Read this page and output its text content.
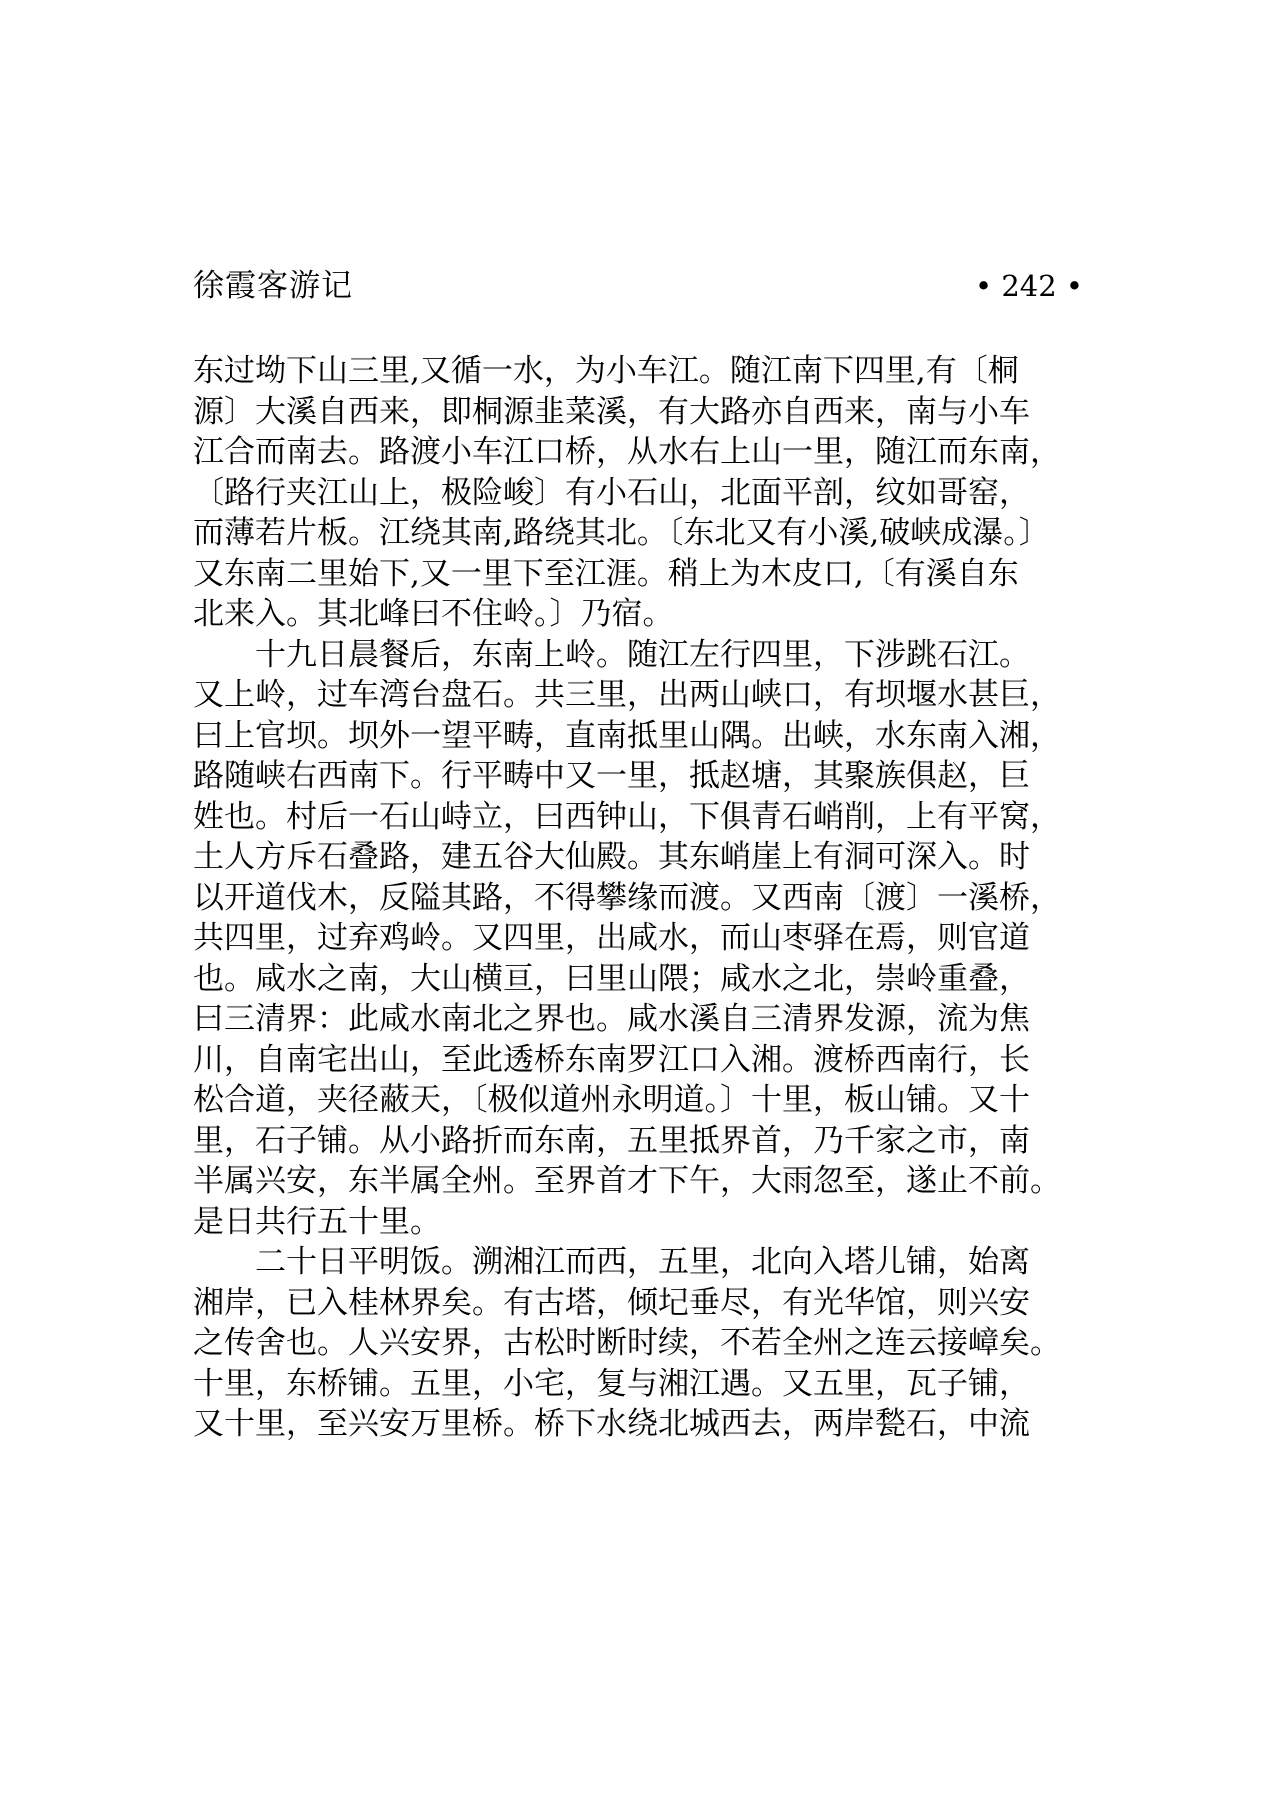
徐霞客游记	• 242 •
东过坳下山三里,又循一水，为小车江。随江南下四里,有〔桐
源〕大溪自西来，即桐源韭菜溪，有大路亦自西来，南与小车
江合而南去。路渡小车江口桥，从水右上山一里，随江而东南，
〔路行夹江山上，极险峻〕有小石山，北面平剖，纹如哥窑，
而薄若片板。江绕其南,路绕其北。〔东北又有小溪,破峡成瀑。〕
又东南二里始下,又一里下至江涯。稍上为木皮口,〔有溪自东
北来入。其北峰曰不住岭。〕乃宿。
　　十九日晨餐后，东南上岭。随江左行四里，下涉跳石江。
又上岭，过车湾台盘石。共三里，出两山峡口，有坝堰水甚巨，
曰上官坝。坝外一望平畴，直南抵里山隅。出峡，水东南入湘，
路随峡右西南下。行平畴中又一里，抵赵塘，其聚族俱赵，巨
姓也。村后一石山峙立，曰西钟山，下俱青石峭削，上有平窝，
土人方斥石叠路，建五谷大仙殿。其东峭崖上有洞可深入。时
以开道伐木，反隘其路，不得攀缘而渡。又西南〔渡〕一溪桥，
共四里，过弃鸡岭。又四里，出咸水，而山枣驿在焉，则官道
也。咸水之南，大山横亘，曰里山隈；咸水之北，崇岭重叠，
曰三清界：此咸水南北之界也。咸水溪自三清界发源，流为焦
川，自南宅出山，至此透桥东南罗江口入湘。渡桥西南行，长
松合道，夹径蔽天，〔极似道州永明道。〕十里，板山铺。又十
里，石子铺。从小路折而东南，五里抵界首，乃千家之市，南
半属兴安，东半属全州。至界首才下午，大雨忽至，遂止不前。
是日共行五十里。
　　二十日平明饭。溯湘江而西，五里，北向入塔儿铺，始离
湘岸，已入桂林界矣。有古塔，倾圮垂尽，有光华馆，则兴安
之传舍也。人兴安界，古松时断时续，不若全州之连云接嶂矣。
十里，东桥铺。五里，小宅，复与湘江遇。又五里，瓦子铺，
又十里，至兴安万里桥。桥下水绕北城西去，两岸甃石，中流
